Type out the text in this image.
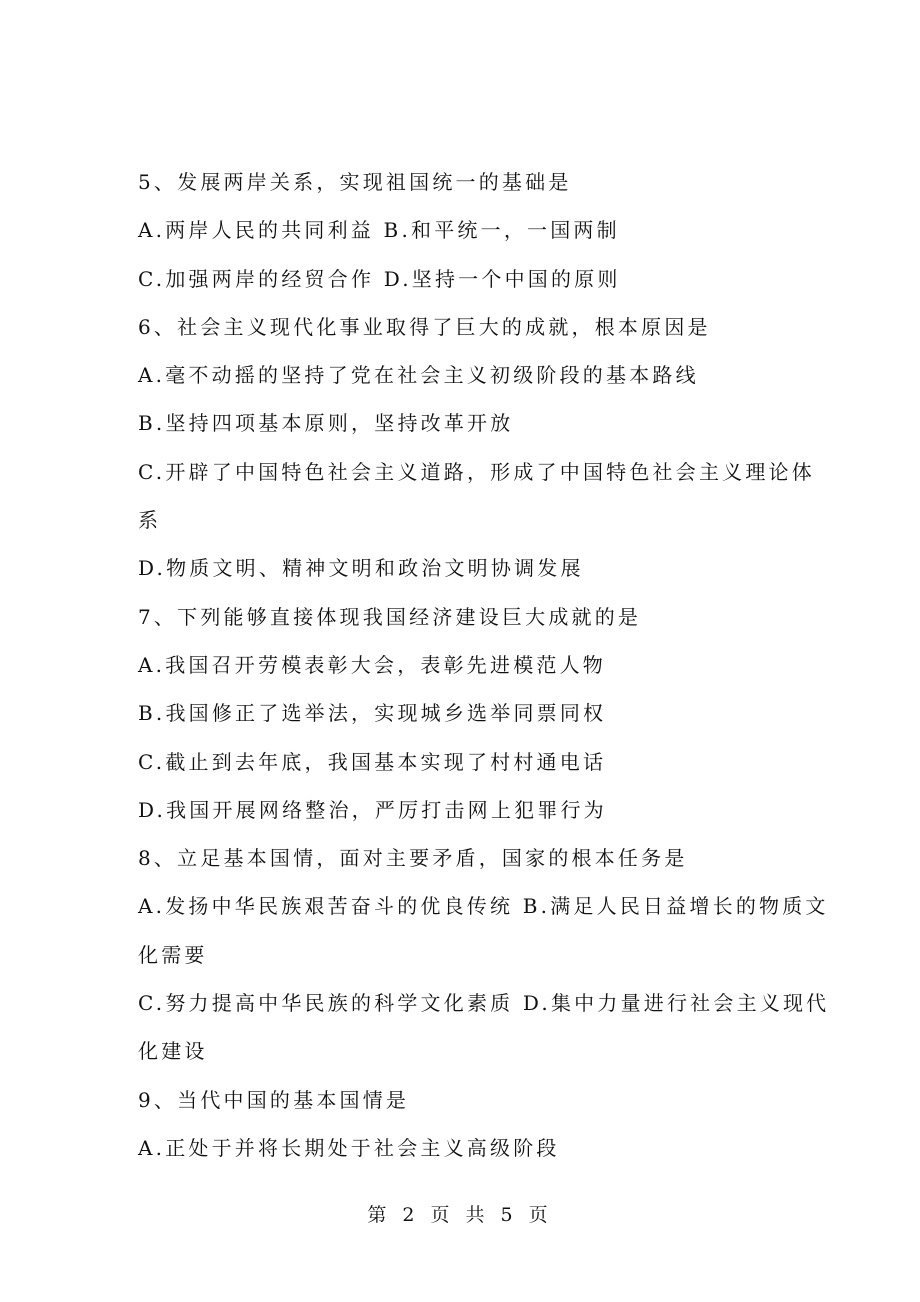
5、发展两岸关系，实现祖国统一的基础是
A.两岸人民的共同利益 B.和平统一，一国两制
C.加强两岸的经贸合作 D.坚持一个中国的原则
6、社会主义现代化事业取得了巨大的成就，根本原因是
A.毫不动摇的坚持了党在社会主义初级阶段的基本路线
B.坚持四项基本原则，坚持改革开放
C.开辟了中国特色社会主义道路，形成了中国特色社会主义理论体
系
D.物质文明、精神文明和政治文明协调发展
7、下列能够直接体现我国经济建设巨大成就的是
A.我国召开劳模表彰大会，表彰先进模范人物
B.我国修正了选举法，实现城乡选举同票同权
C.截止到去年底，我国基本实现了村村通电话
D.我国开展网络整治，严厉打击网上犯罪行为
8、立足基本国情，面对主要矛盾，国家的根本任务是
A.发扬中华民族艰苦奋斗的优良传统 B.满足人民日益增长的物质文
化需要
C.努力提高中华民族的科学文化素质 D.集中力量进行社会主义现代
化建设
9、当代中国的基本国情是
A.正处于并将长期处于社会主义高级阶段
第 2 页 共 5 页
